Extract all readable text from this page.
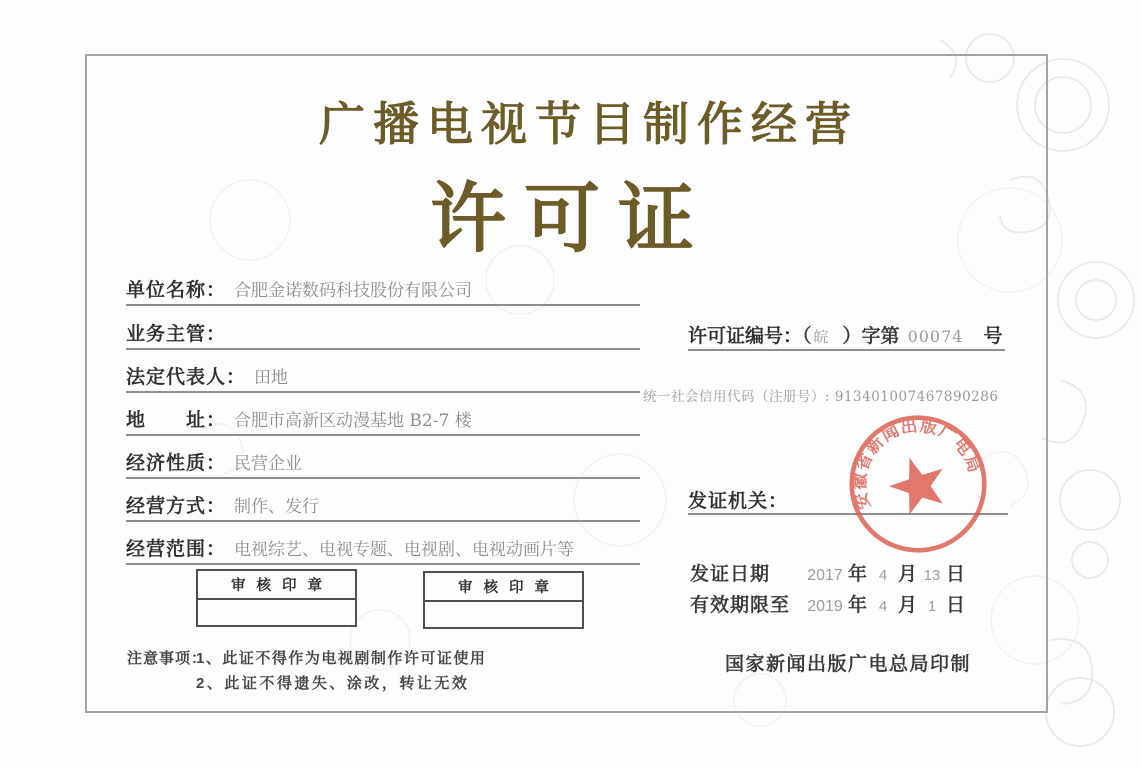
广播电视节目制作经营
许可证
单位名称： 合肥金诺数码科技股份有限公司
业务主管：
法定代表人： 田地
地　　址： 合肥市高新区动漫基地 B2-7 楼
经济性质： 民营企业
经营方式： 制作、发行
经营范围： 电视综艺、电视专题、电视剧、电视动画片等
许可证编号：（ 皖 ）字第 00074 号
统一社会信用代码（注册号）: 913401007467890286
发证机关：	安徽省新闻出版广电局
发证日期 2017 年 4 月 13 日
有效期限至 2019 年 4 月 1 日
国家新闻出版广电总局印制
审核印章	审核印章
注意事项：
1、此证不得作为电视剧制作许可证使用
2、此证不得遗失、涂改，转让无效
